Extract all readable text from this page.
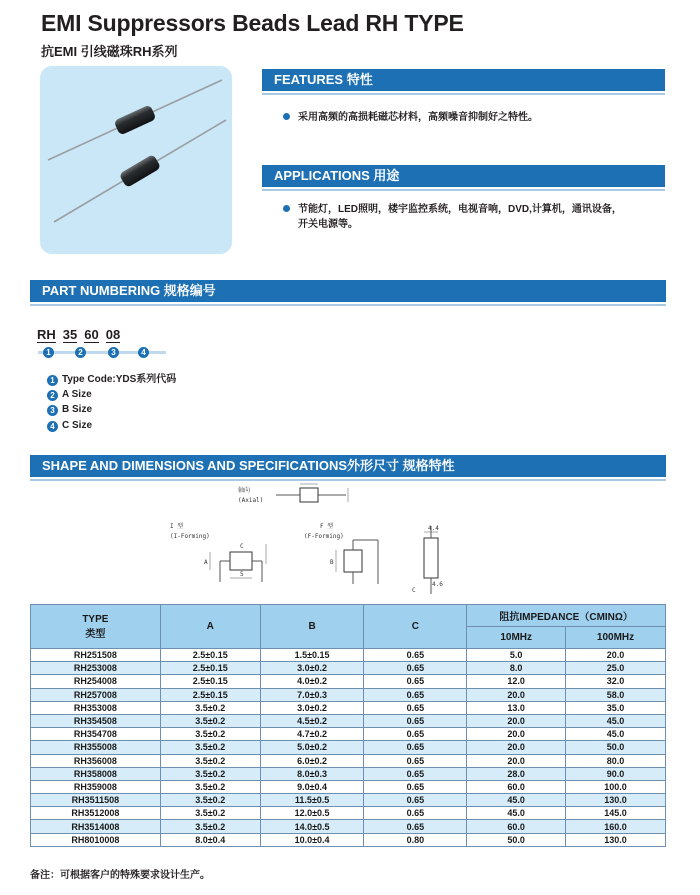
EMI Suppressors Beads Lead RH TYPE
抗EMI 引线磁珠RH系列
FEATURES 特性
采用高频的高损耗磁芯材料，高频噪音抑制好之特性。
APPLICATIONS 用途
节能灯，LED照明，楼宇监控系统，电视音响，DVD,计算机，通讯设备，
开关电源等。
PART NUMBERING 规格编号
RH 35 60 08
1	2	3	4
1 Type Code:YDS系列代码
2 A Size
3 B Size
4 C Size
SHAPE AND DIMENSIONS AND SPECIFICATIONS外形尺寸 规格特性
轴向
(Axial)
I 型
(I-Forming)
A
5
C
F 型
(F-Forming)
B
4.4
C
4.6
TYPE
类型	A	B	C	阻抗IMPEDANCE（CMINΩ）	
				10MHz	100MHz
RH251508	2.5±0.15	1.5±0.15	0.65	5.0	20.0
RH253008	2.5±0.15	3.0±0.2	0.65	8.0	25.0
RH254008	2.5±0.15	4.0±0.2	0.65	12.0	32.0
RH257008	2.5±0.15	7.0±0.3	0.65	20.0	58.0
RH353008	3.5±0.2	3.0±0.2	0.65	13.0	35.0
RH354508	3.5±0.2	4.5±0.2	0.65	20.0	45.0
RH354708	3.5±0.2	4.7±0.2	0.65	20.0	45.0
RH355008	3.5±0.2	5.0±0.2	0.65	20.0	50.0
RH356008	3.5±0.2	6.0±0.2	0.65	20.0	80.0
RH358008	3.5±0.2	8.0±0.3	0.65	28.0	90.0
RH359008	3.5±0.2	9.0±0.4	0.65	60.0	100.0
RH3511508	3.5±0.2	11.5±0.5	0.65	45.0	130.0
RH3512008	3.5±0.2	12.0±0.5	0.65	45.0	145.0
RH3514008	3.5±0.2	14.0±0.5	0.65	60.0	160.0
RH8010008	8.0±0.4	10.0±0.4	0.80	50.0	130.0
备注：可根据客户的特殊要求设计生产。
